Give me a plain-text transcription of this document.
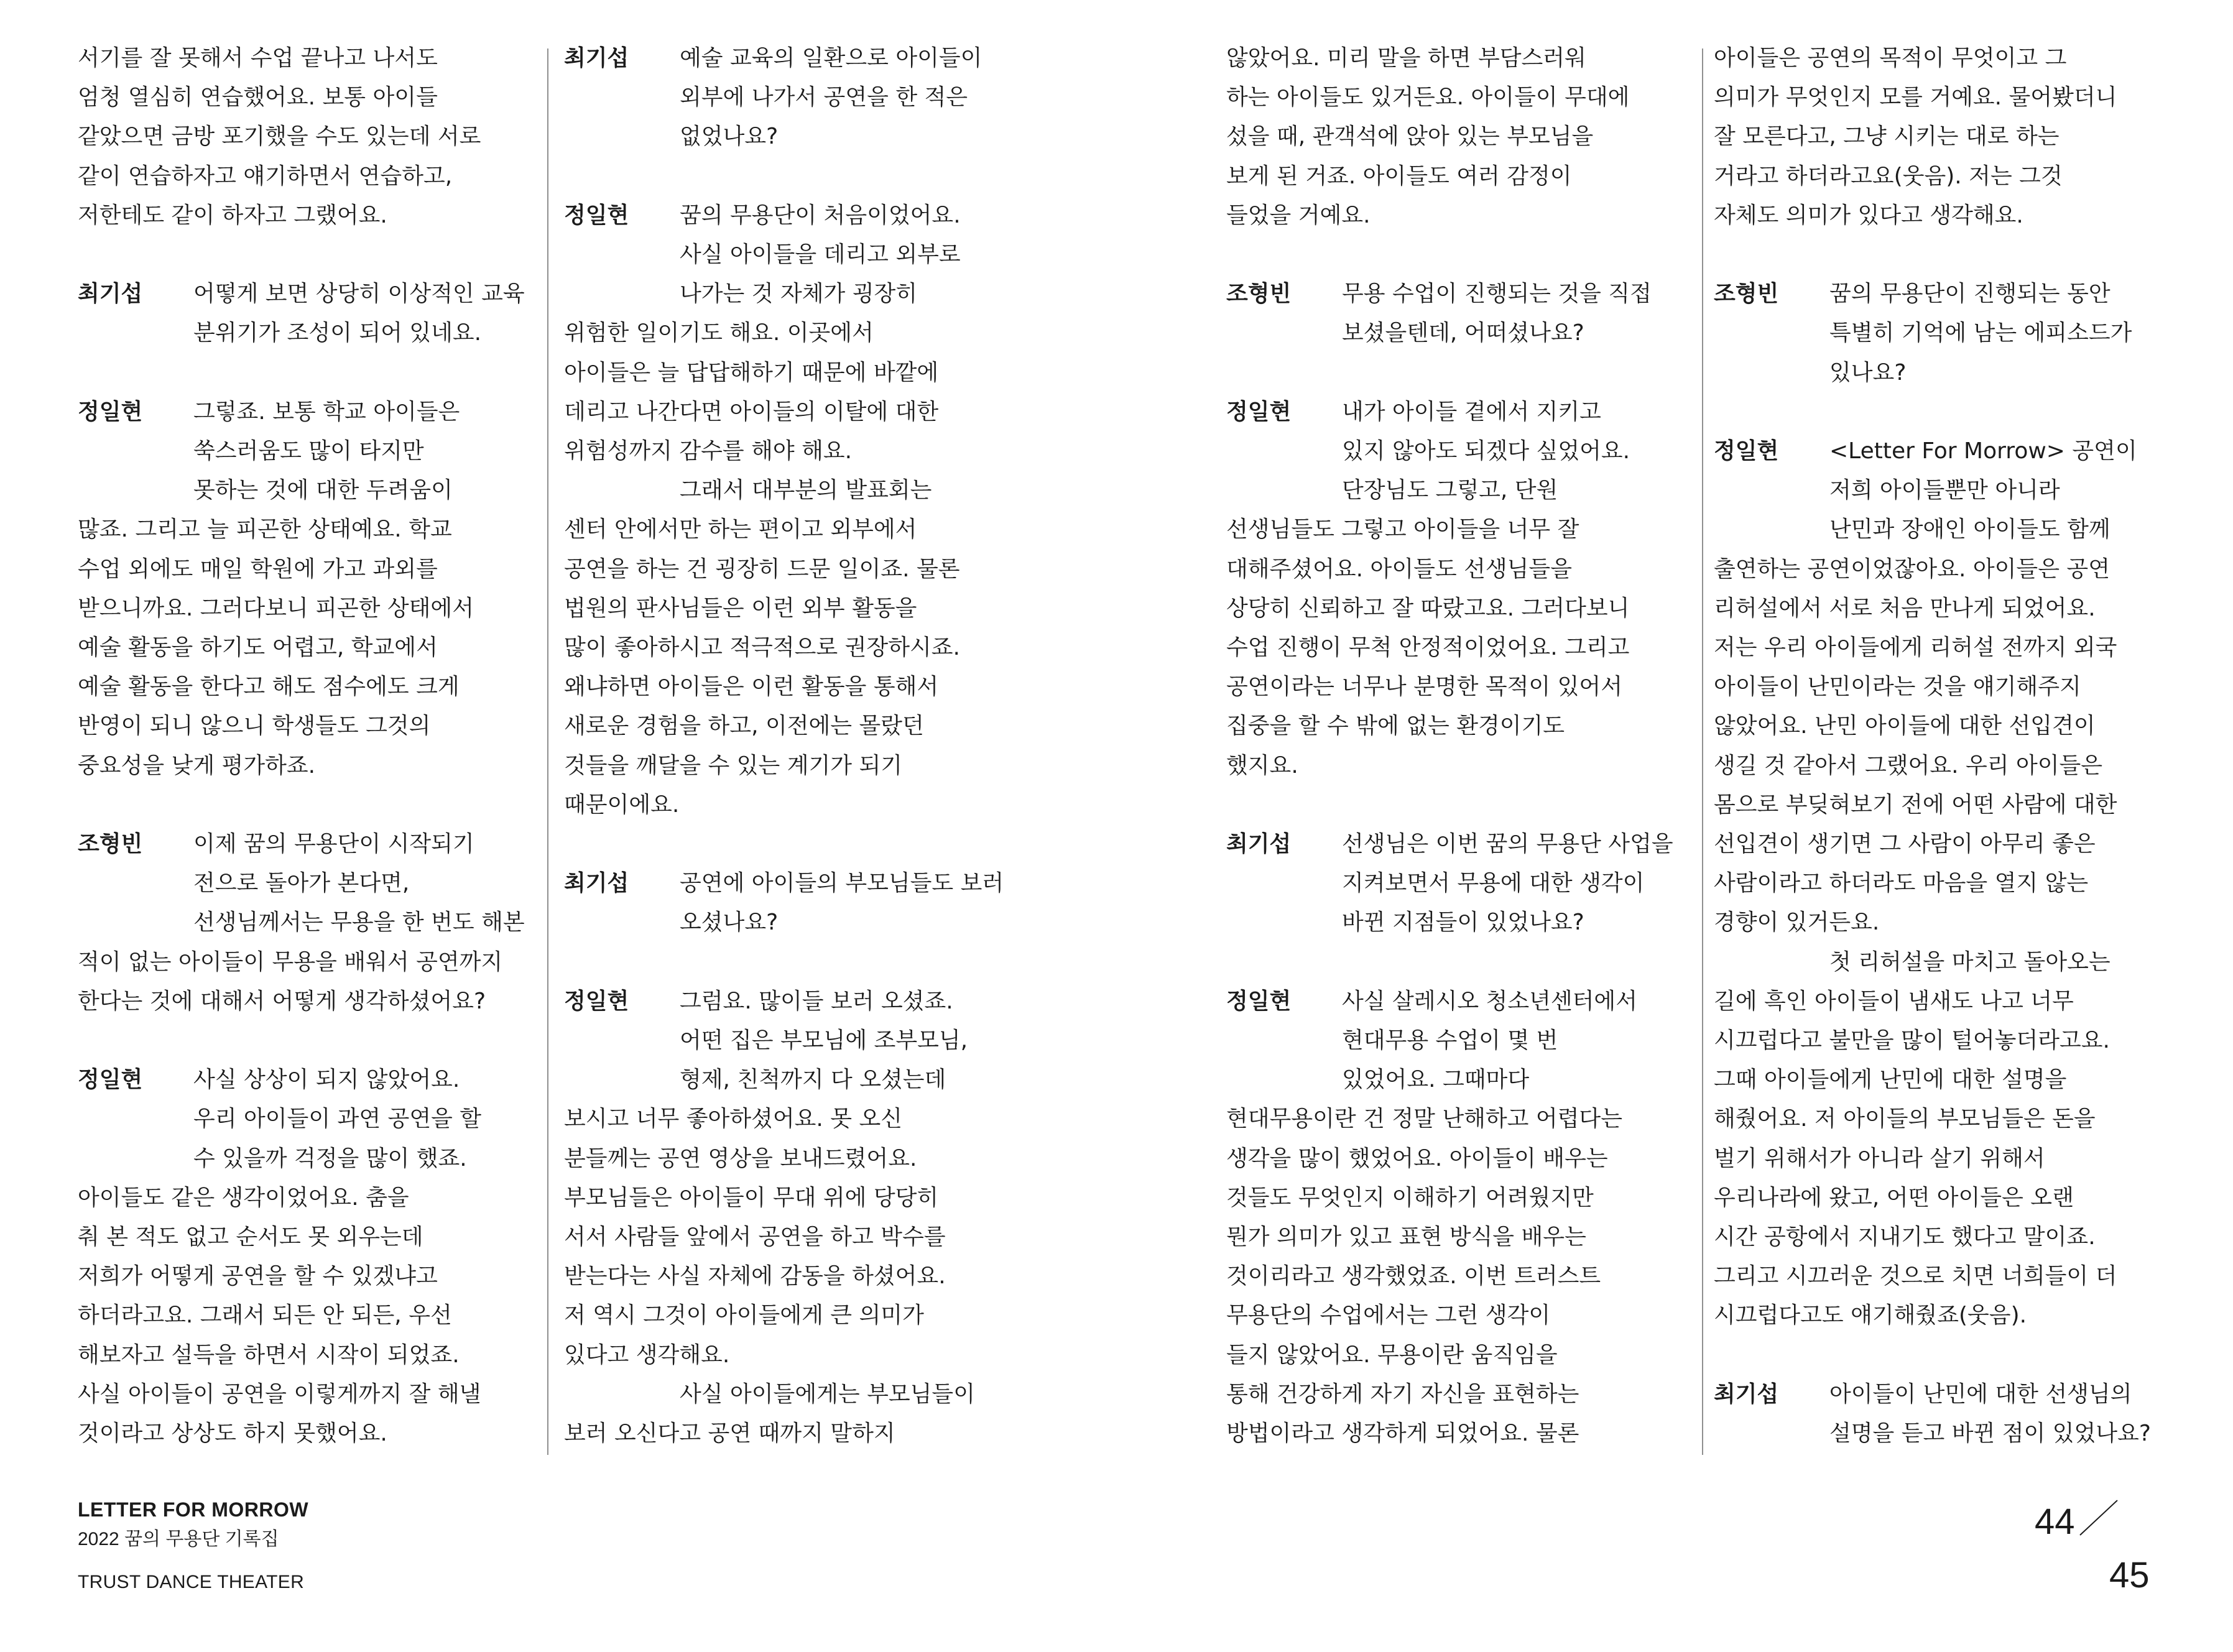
서기를 잘 못해서 수업 끝나고 나서도
엄청 열심히 연습했어요. 보통 아이들
같았으면 금방 포기했을 수도 있는데 서로
같이 연습하자고 얘기하면서 연습하고,
저한테도 같이 하자고 그랬어요.
최기섭	어떻게 보면 상당히 이상적인 교육
분위기가 조성이 되어 있네요.
정일현	그렇죠. 보통 학교 아이들은
쑥스러움도 많이 타지만
못하는 것에 대한 두려움이
많죠. 그리고 늘 피곤한 상태예요. 학교
수업 외에도 매일 학원에 가고 과외를
받으니까요. 그러다보니 피곤한 상태에서
예술 활동을 하기도 어렵고, 학교에서
예술 활동을 한다고 해도 점수에도 크게
반영이 되니 않으니 학생들도 그것의
중요성을 낮게 평가하죠.
조형빈	이제 꿈의 무용단이 시작되기
전으로 돌아가 본다면,
선생님께서는 무용을 한 번도 해본
적이 없는 아이들이 무용을 배워서 공연까지
한다는 것에 대해서 어떻게 생각하셨어요?
정일현	사실 상상이 되지 않았어요.
우리 아이들이 과연 공연을 할
수 있을까 걱정을 많이 했죠.
아이들도 같은 생각이었어요. 춤을
춰 본 적도 없고 순서도 못 외우는데
저희가 어떻게 공연을 할 수 있겠냐고
하더라고요. 그래서 되든 안 되든, 우선
해보자고 설득을 하면서 시작이 되었죠.
사실 아이들이 공연을 이렇게까지 잘 해낼
것이라고 상상도 하지 못했어요.
최기섭	예술 교육의 일환으로 아이들이
외부에 나가서 공연을 한 적은
없었나요?
정일현	꿈의 무용단이 처음이었어요.
사실 아이들을 데리고 외부로
나가는 것 자체가 굉장히
위험한 일이기도 해요. 이곳에서
아이들은 늘 답답해하기 때문에 바깥에
데리고 나간다면 아이들의 이탈에 대한
위험성까지 감수를 해야 해요.
그래서 대부분의 발표회는
센터 안에서만 하는 편이고 외부에서
공연을 하는 건 굉장히 드문 일이죠. 물론
법원의 판사님들은 이런 외부 활동을
많이 좋아하시고 적극적으로 권장하시죠.
왜냐하면 아이들은 이런 활동을 통해서
새로운 경험을 하고, 이전에는 몰랐던
것들을 깨달을 수 있는 계기가 되기
때문이에요.
최기섭	공연에 아이들의 부모님들도 보러
오셨나요?
정일현	그럼요. 많이들 보러 오셨죠.
어떤 집은 부모님에 조부모님,
형제, 친척까지 다 오셨는데
보시고 너무 좋아하셨어요. 못 오신
분들께는 공연 영상을 보내드렸어요.
부모님들은 아이들이 무대 위에 당당히
서서 사람들 앞에서 공연을 하고 박수를
받는다는 사실 자체에 감동을 하셨어요.
저 역시 그것이 아이들에게 큰 의미가
있다고 생각해요.
사실 아이들에게는 부모님들이
보러 오신다고 공연 때까지 말하지
않았어요. 미리 말을 하면 부담스러워
하는 아이들도 있거든요. 아이들이 무대에
섰을 때, 관객석에 앉아 있는 부모님을
보게 된 거죠. 아이들도 여러 감정이
들었을 거예요.
조형빈	무용 수업이 진행되는 것을 직접
보셨을텐데, 어떠셨나요?
정일현	내가 아이들 곁에서 지키고
있지 않아도 되겠다 싶었어요.
단장님도 그렇고, 단원
선생님들도 그렇고 아이들을 너무 잘
대해주셨어요. 아이들도 선생님들을
상당히 신뢰하고 잘 따랐고요. 그러다보니
수업 진행이 무척 안정적이었어요. 그리고
공연이라는 너무나 분명한 목적이 있어서
집중을 할 수 밖에 없는 환경이기도
했지요.
최기섭	선생님은 이번 꿈의 무용단 사업을
지켜보면서 무용에 대한 생각이
바뀐 지점들이 있었나요?
정일현	사실 살레시오 청소년센터에서
현대무용 수업이 몇 번
있었어요. 그때마다
현대무용이란 건 정말 난해하고 어렵다는
생각을 많이 했었어요. 아이들이 배우는
것들도 무엇인지 이해하기 어려웠지만
뭔가 의미가 있고 표현 방식을 배우는
것이리라고 생각했었죠. 이번 트러스트
무용단의 수업에서는 그런 생각이
들지 않았어요. 무용이란 움직임을
통해 건강하게 자기 자신을 표현하는
방법이라고 생각하게 되었어요. 물론
아이들은 공연의 목적이 무엇이고 그
의미가 무엇인지 모를 거예요. 물어봤더니
잘 모른다고, 그냥 시키는 대로 하는
거라고 하더라고요(웃음). 저는 그것
자체도 의미가 있다고 생각해요.
조형빈	꿈의 무용단이 진행되는 동안
특별히 기억에 남는 에피소드가
있나요?
정일현	<Letter For Morrow> 공연이
저희 아이들뿐만 아니라
난민과 장애인 아이들도 함께
출연하는 공연이었잖아요. 아이들은 공연
리허설에서 서로 처음 만나게 되었어요.
저는 우리 아이들에게 리허설 전까지 외국
아이들이 난민이라는 것을 얘기해주지
않았어요. 난민 아이들에 대한 선입견이
생길 것 같아서 그랬어요. 우리 아이들은
몸으로 부딪혀보기 전에 어떤 사람에 대한
선입견이 생기면 그 사람이 아무리 좋은
사람이라고 하더라도 마음을 열지 않는
경향이 있거든요.
첫 리허설을 마치고 돌아오는
길에 흑인 아이들이 냄새도 나고 너무
시끄럽다고 불만을 많이 털어놓더라고요.
그때 아이들에게 난민에 대한 설명을
해줬어요. 저 아이들의 부모님들은 돈을
벌기 위해서가 아니라 살기 위해서
우리나라에 왔고, 어떤 아이들은 오랜
시간 공항에서 지내기도 했다고 말이죠.
그리고 시끄러운 것으로 치면 너희들이 더
시끄럽다고도 얘기해줬죠(웃음).
최기섭	아이들이 난민에 대한 선생님의
설명을 듣고 바뀐 점이 있었나요?
LETTER FOR MORROW
2022 꿈의 무용단 기록집
TRUST DANCE THEATER
44
45
